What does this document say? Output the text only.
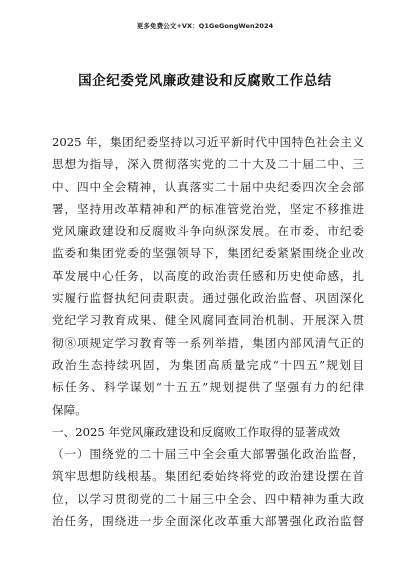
更多免费公文+VX：Q1GeGongWen2024
国企纪委党风廉政建设和反腐败工作总结
2025 年，集团纪委坚持以习近平新时代中国特色社会主义
思想为指导，深入贯彻落实党的二十大及二十届二中、三
中、四中全会精神，认真落实二十届中央纪委四次全会部
署，坚持用改革精神和严的标准管党治党，坚定不移推进
党风廉政建设和反腐败斗争向纵深发展。在市委、市纪委
监委和集团党委的坚强领导下，集团纪委紧紧围绕企业改
革发展中心任务，以高度的政治责任感和历史使命感，扎
实履行监督执纪问责职责。通过强化政治监督、巩固深化
党纪学习教育成果、健全风腐同查同治机制、开展深入贯
彻⑧项规定学习教育等一系列举措，集团内部风清气正的
政治生态持续巩固，为集团高质量完成“十四五”规划目
标任务、科学谋划“十五五”规划提供了坚强有力的纪律
保障。
一、2025 年党风廉政建设和反腐败工作取得的显著成效
（一）围绕党的二十届三中全会重大部署强化政治监督，
筑牢思想防线根基。集团纪委始终将党的政治建设摆在首
位，以学习贯彻党的二十届三中全会、四中精神为重大政
治任务，围绕进一步全面深化改革重大部署强化政治监督
